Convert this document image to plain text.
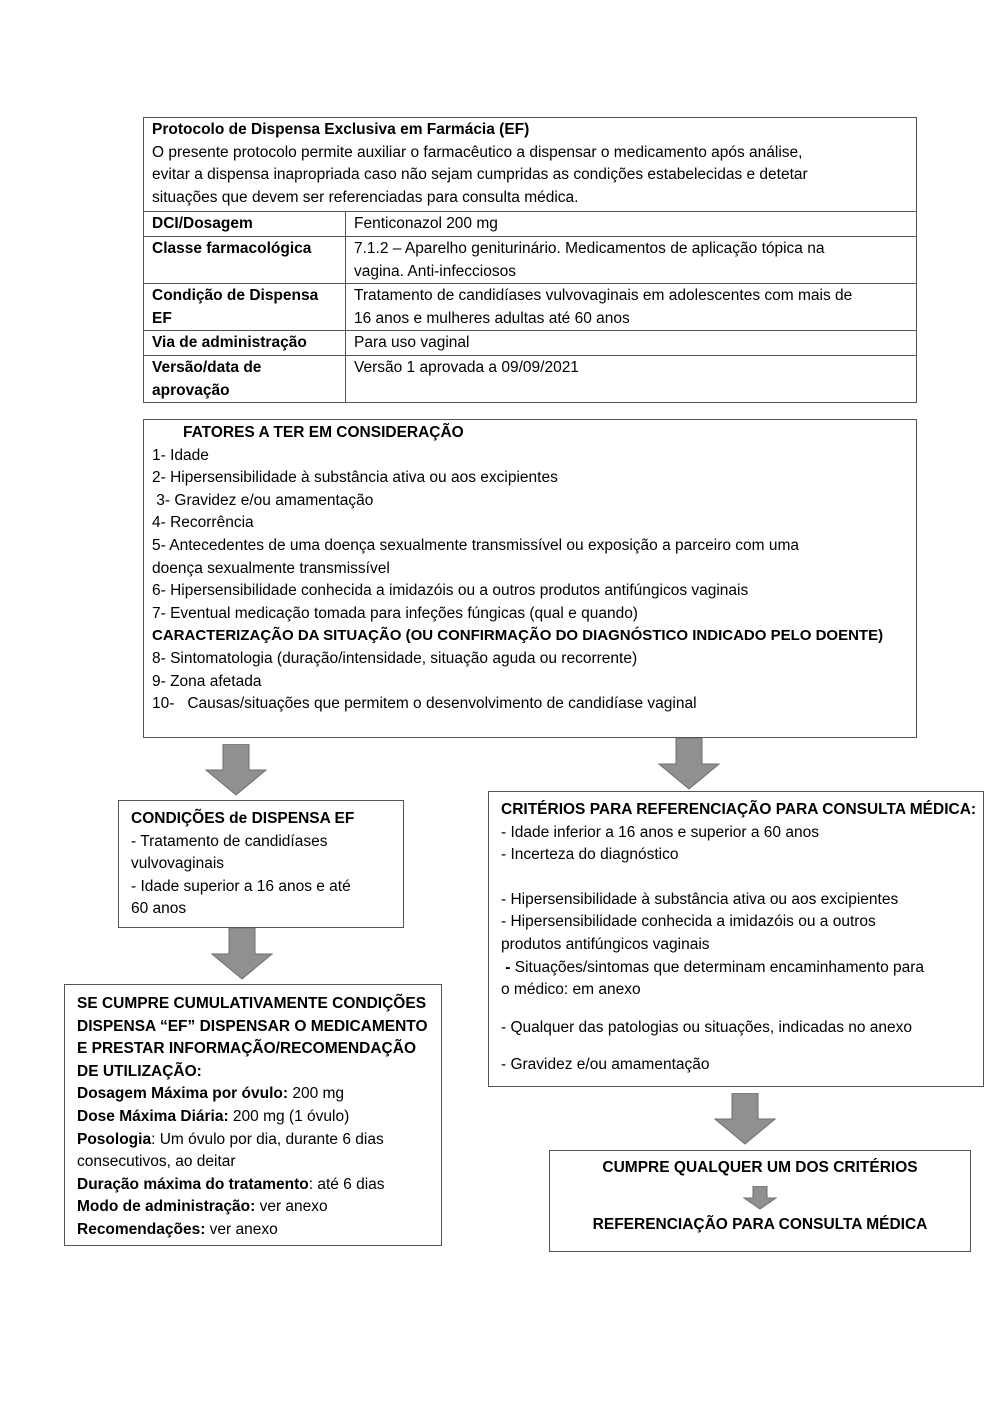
Protocolo de Dispensa Exclusiva em Farmácia (EF)
O presente protocolo permite auxiliar o farmacêutico a dispensar o medicamento após análise,
evitar a dispensa inapropriada caso não sejam cumpridas as condições estabelecidas e detetar
situações que devem ser referenciadas para consulta médica.	

DCI/Dosagem	Fenticonazol 200 mg

Classe farmacológica	7.1.2 – Aparelho geniturinário. Medicamentos de aplicação tópica na
vagina. Anti-infecciosos

Condição de Dispensa
EF	Tratamento de candidíases vulvovaginais em adolescentes com mais de
16 anos e mulheres adultas até 60 anos

Via de administração	Para uso vaginal

Versão/data de
aprovação	Versão 1 aprovada a 09/09/2021
FATORES A TER EM CONSIDERAÇÃO
1- Idade
2- Hipersensibilidade à substância ativa ou aos excipientes
3- Gravidez e/ou amamentação
4- Recorrência
5- Antecedentes de uma doença sexualmente transmissível ou exposição a parceiro com uma
doença sexualmente transmissível
6- Hipersensibilidade conhecida a imidazóis ou a outros produtos antifúngicos vaginais
7- Eventual medicação tomada para infeções fúngicas (qual e quando)
CARACTERIZAÇÃO DA SITUAÇÃO (OU CONFIRMAÇÃO DO DIAGNÓSTICO INDICADO PELO DOENTE)
8- Sintomatologia (duração/intensidade, situação aguda ou recorrente)
9- Zona afetada
10-   Causas/situações que permitem o desenvolvimento de candidíase vaginal
CONDIÇÕES de DISPENSA EF
- Tratamento de candidíases
vulvovaginais
- Idade superior a 16 anos e até
60 anos
CRITÉRIOS PARA REFERENCIAÇÃO PARA CONSULTA MÉDICA:
- Idade inferior a 16 anos e superior a 60 anos
- Incerteza do diagnóstico
- Hipersensibilidade à substância ativa ou aos excipientes
- Hipersensibilidade conhecida a imidazóis ou a outros
produtos antifúngicos vaginais
- Situações/sintomas que determinam encaminhamento para
o médico: em anexo
- Qualquer das patologias ou situações, indicadas no anexo
- Gravidez e/ou amamentação
SE CUMPRE CUMULATIVAMENTE CONDIÇÕES
DISPENSA “EF” DISPENSAR O MEDICAMENTO
E PRESTAR INFORMAÇÃO/RECOMENDAÇÃO
DE UTILIZAÇÃO:
Dosagem Máxima por óvulo: 200 mg
Dose Máxima Diária: 200 mg (1 óvulo)
Posologia: Um óvulo por dia, durante 6 dias
consecutivos, ao deitar
Duração máxima do tratamento: até 6 dias
Modo de administração: ver anexo
Recomendações: ver anexo
CUMPRE QUALQUER UM DOS CRITÉRIOS
REFERENCIAÇÃO PARA CONSULTA MÉDICA
